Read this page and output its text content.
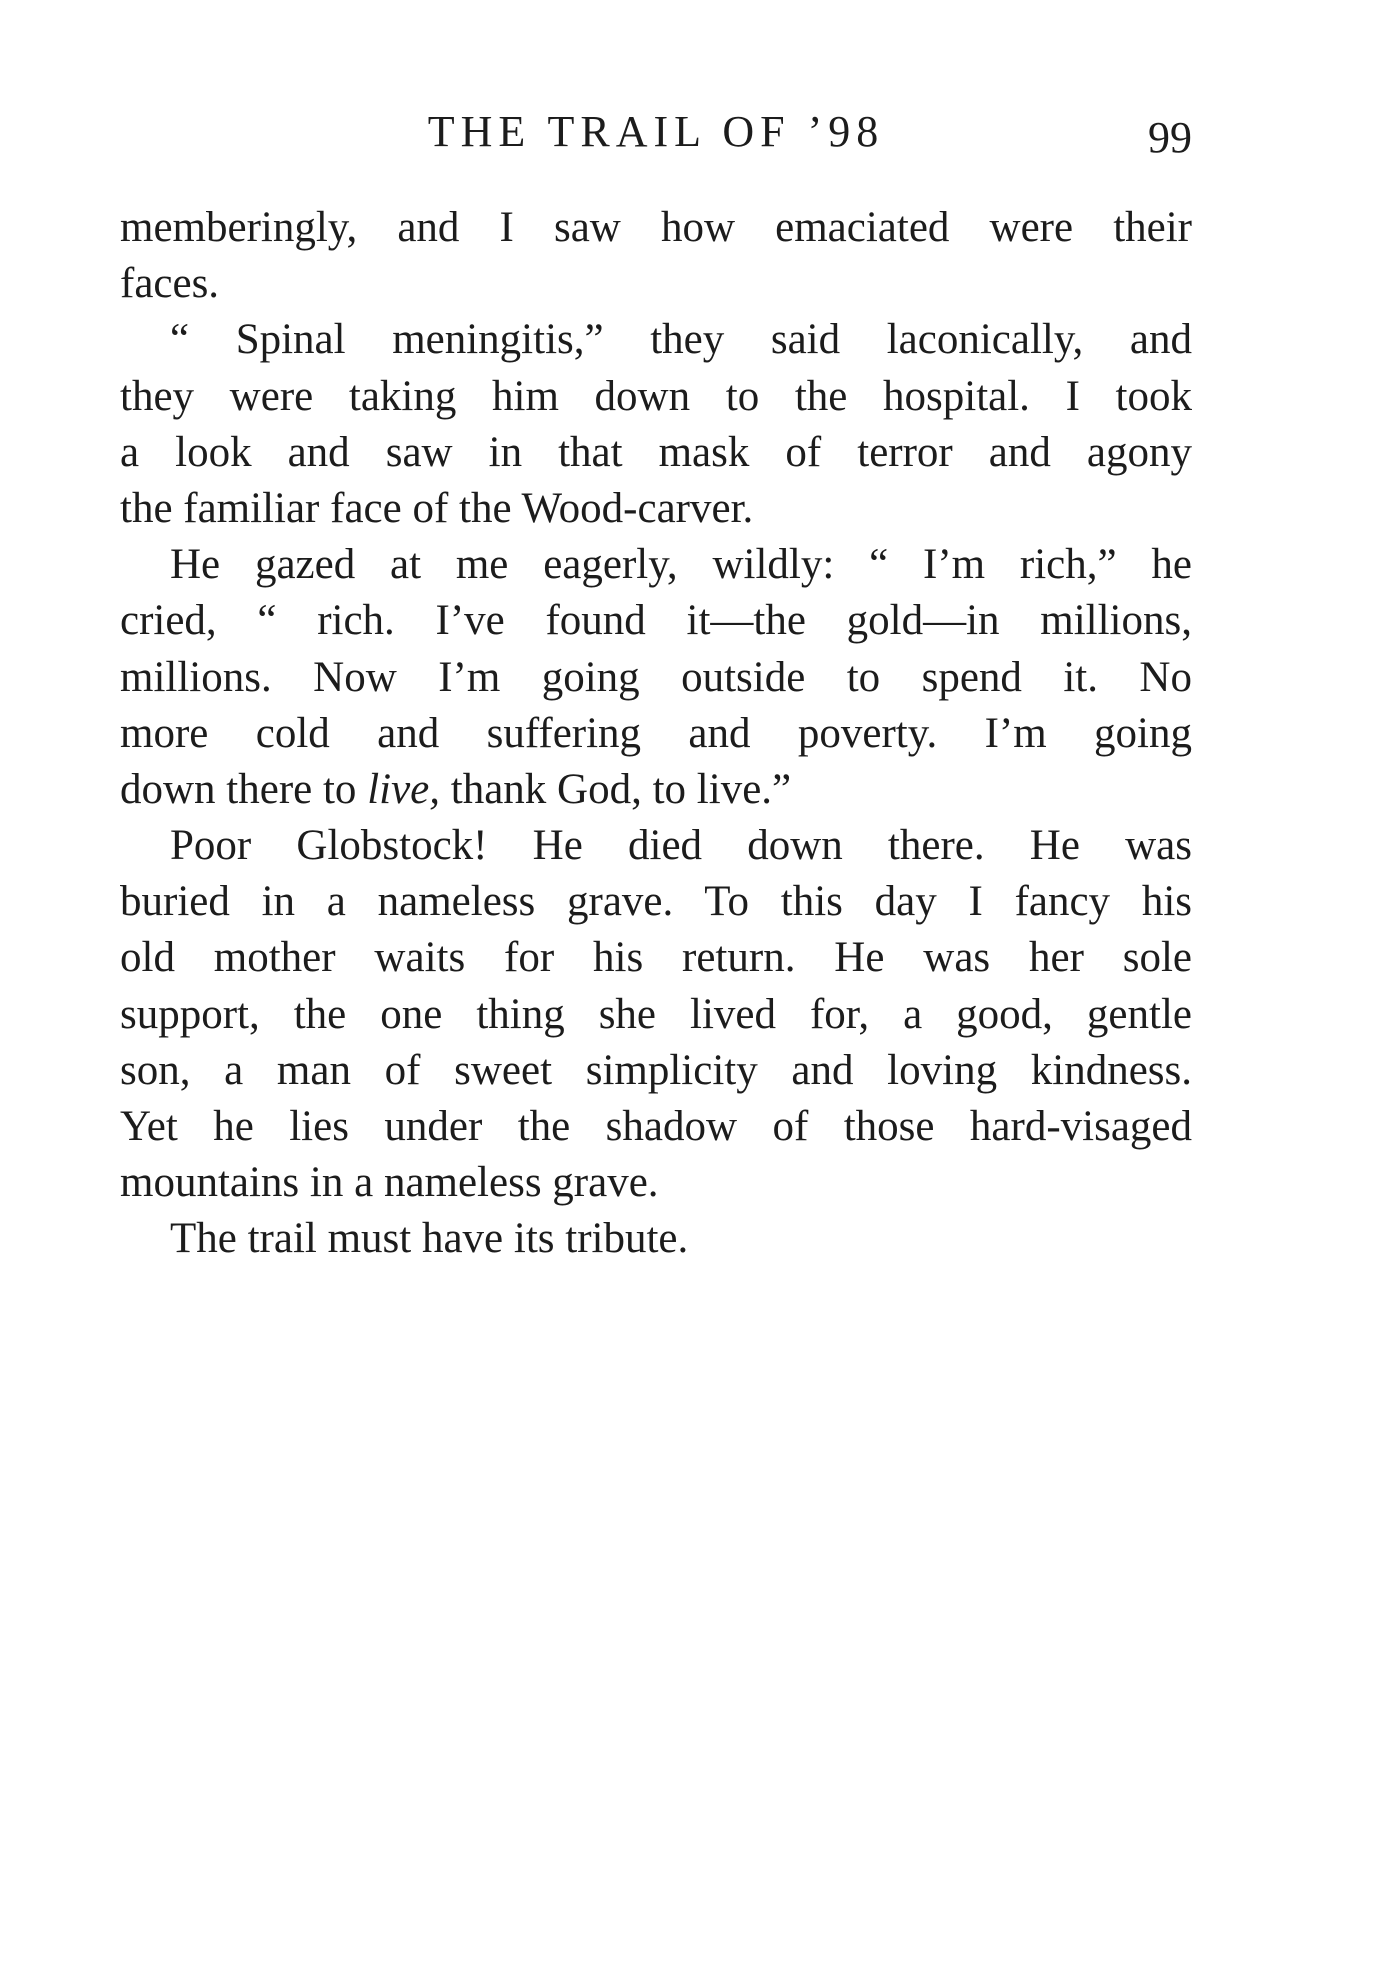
THE TRAIL OF ’98	99
memberingly, and I saw how emaciated were their
faces.
“ Spinal meningitis,” they said laconically, and
they were taking him down to the hospital. I took
a look and saw in that mask of terror and agony
the familiar face of the Wood-carver.
He gazed at me eagerly, wildly: “ I’m rich,” he
cried, “ rich. I’ve found it—the gold—in millions,
millions. Now I’m going outside to spend it. No
more cold and suffering and poverty. I’m going
down there to live, thank God, to live.”
Poor Globstock! He died down there. He was
buried in a nameless grave. To this day I fancy his
old mother waits for his return. He was her sole
support, the one thing she lived for, a good, gentle
son, a man of sweet simplicity and loving kindness.
Yet he lies under the shadow of those hard-visaged
mountains in a nameless grave.
The trail must have its tribute.
